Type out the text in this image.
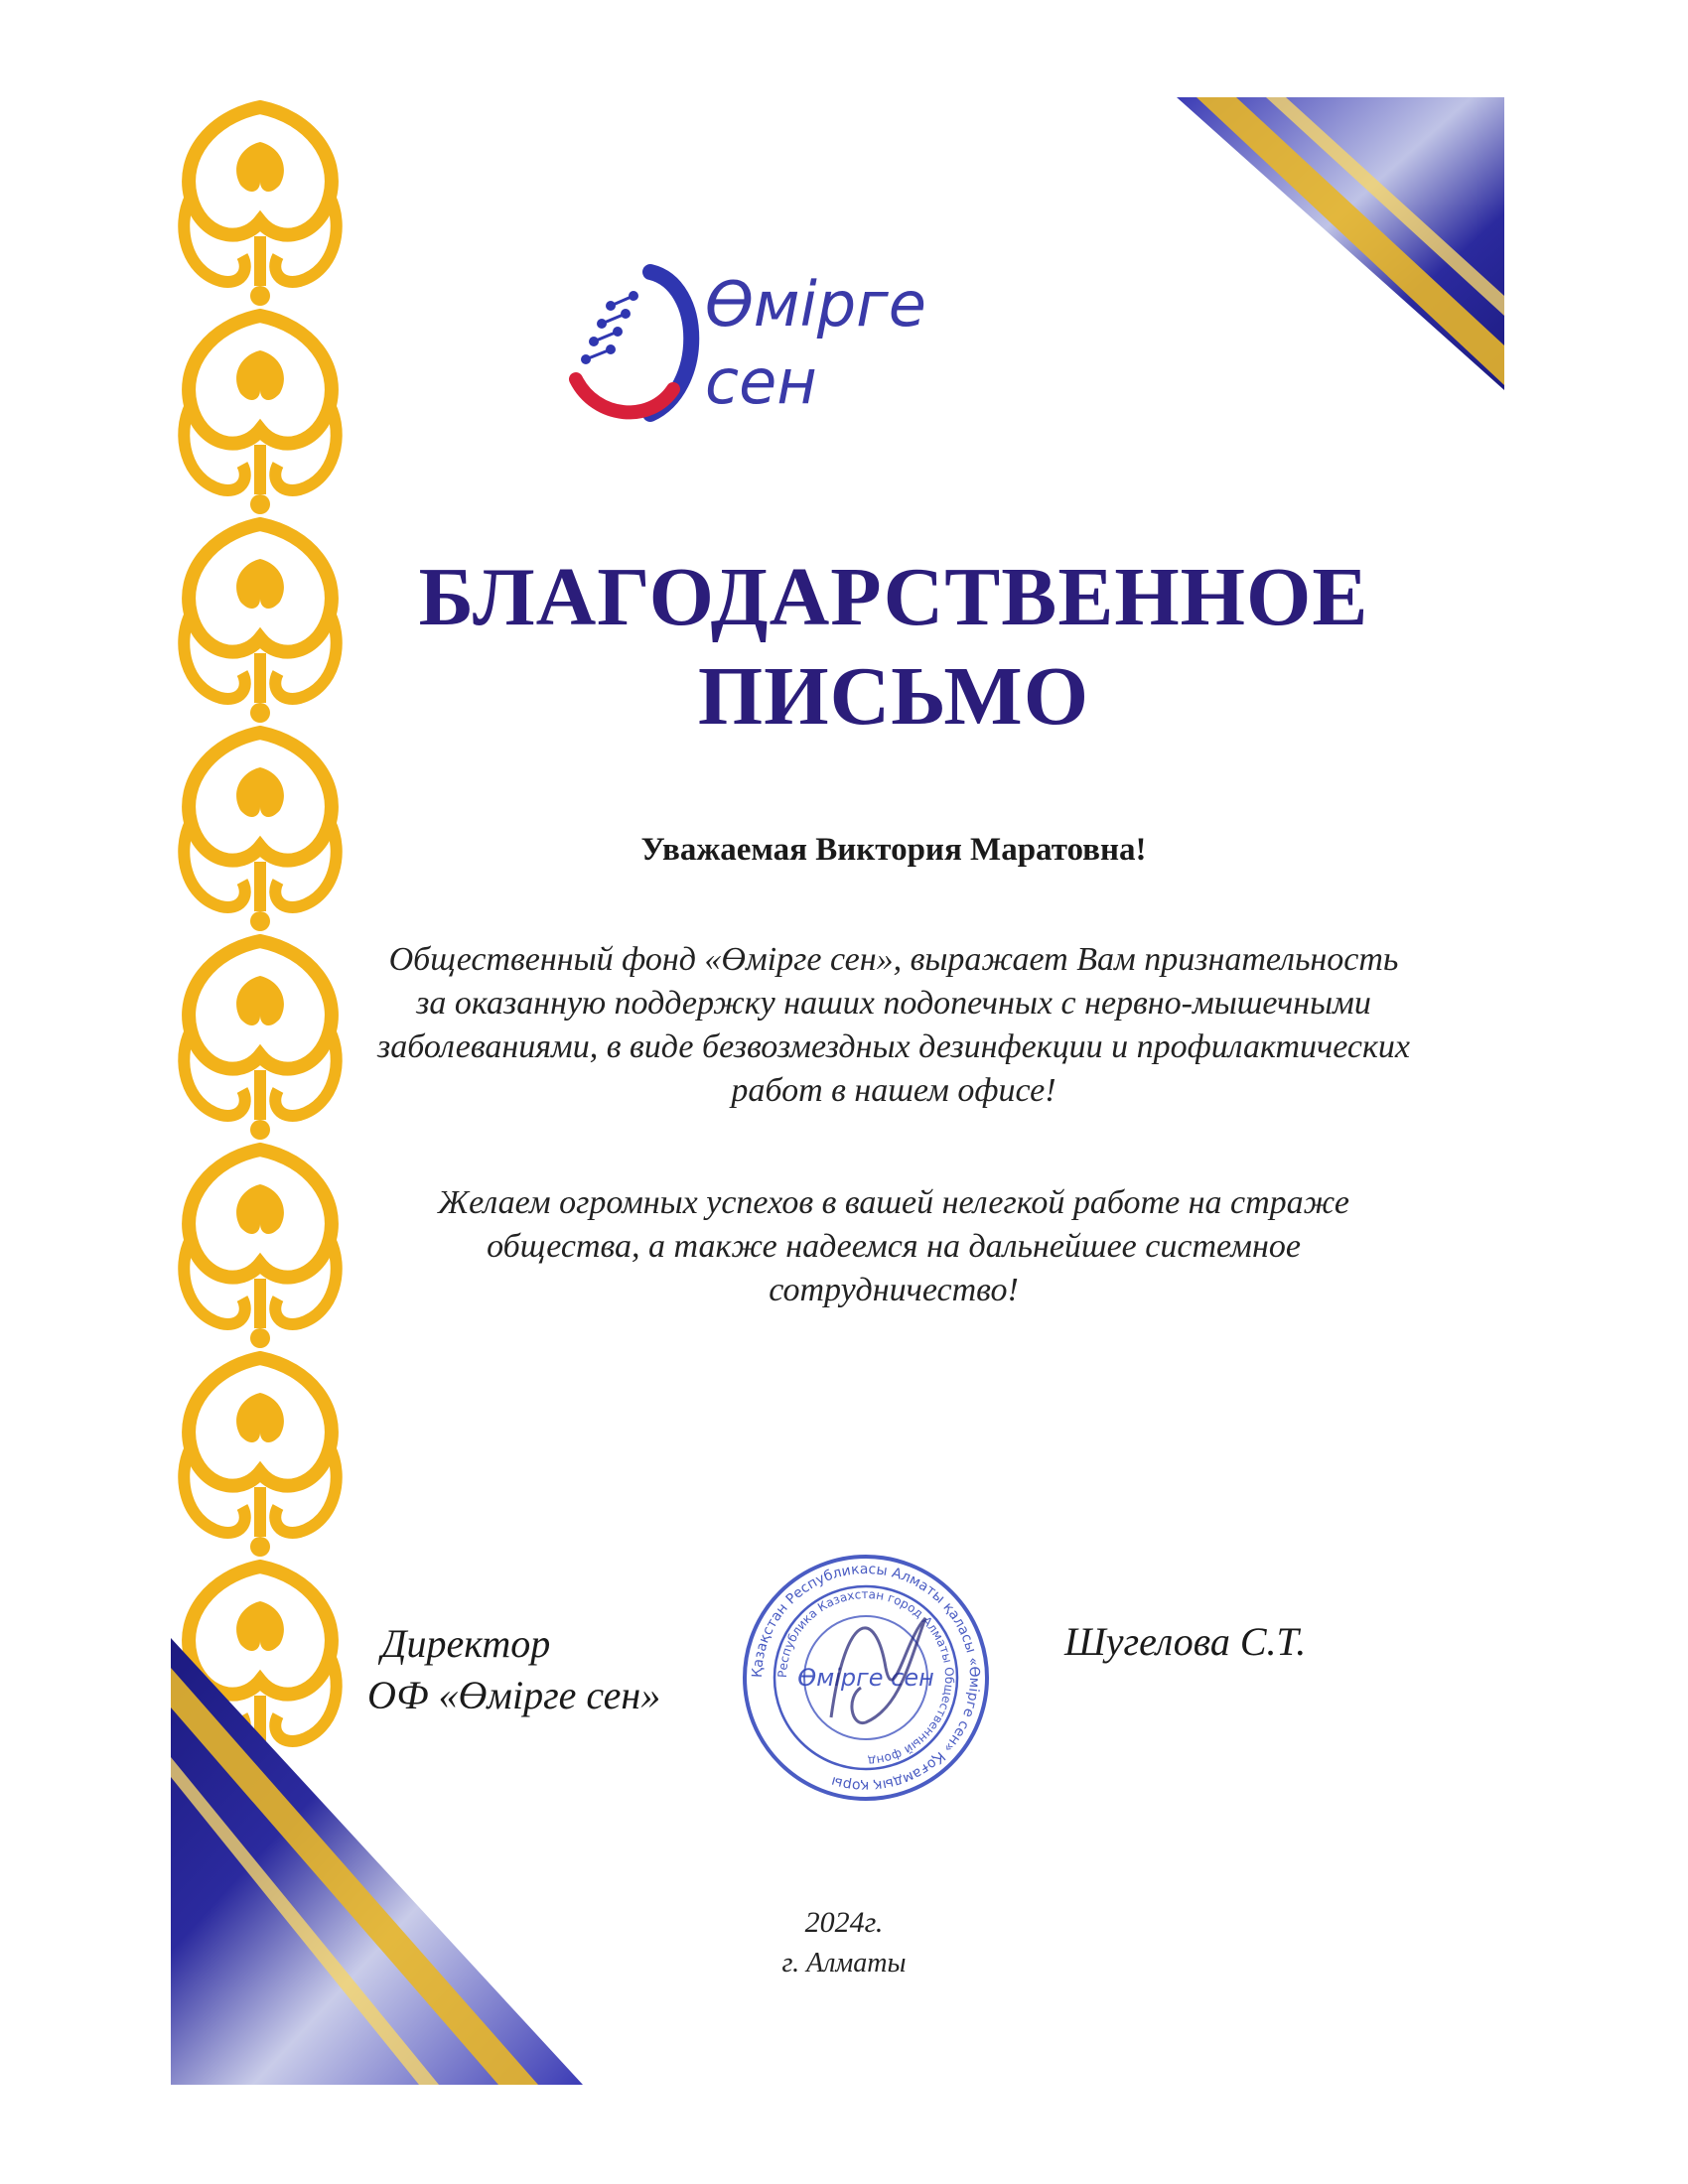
Өмірге
сен
БЛАГОДАРСТВЕННОЕ
ПИСЬМО
Уважаемая Виктория Маратовна!

Общественный фонд «Өмірге сен», выражает Вам признательность за оказанную поддержку наших подопечных с нервно-мышечными заболеваниями, в виде безвозмездных дезинфекции и профилактических работ в нашем офисе!

Желаем огромных успехов в вашей нелегкой работе на страже общества, а также надеемся на дальнейшее системное сотрудничество!

Директор
ОФ «Өмірге сен»
Қазақстан Республикасы Алматы қаласы «Өмірге сен» Қоғамдық қоры
Республика Казахстан город Алматы Общественный фонд
Өмірге сен
Шугелова С.Т.
2024г.
г. Алматы
